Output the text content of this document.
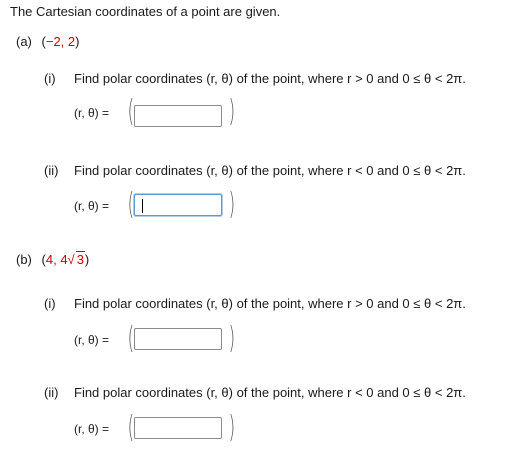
The Cartesian coordinates of a point are given.
(a) (−2, 2)
(i) Find polar coordinates (r, θ) of the point, where r > 0 and 0 ≤ θ < 2π.
(r, θ) = (	)
(ii) Find polar coordinates (r, θ) of the point, where r < 0 and 0 ≤ θ < 2π.
(r, θ) = (	)
(b) (4, 4√ 3)
(i) Find polar coordinates (r, θ) of the point, where r > 0 and 0 ≤ θ < 2π.
(r, θ) = (	)
(ii) Find polar coordinates (r, θ) of the point, where r < 0 and 0 ≤ θ < 2π.
(r, θ) = (	)
